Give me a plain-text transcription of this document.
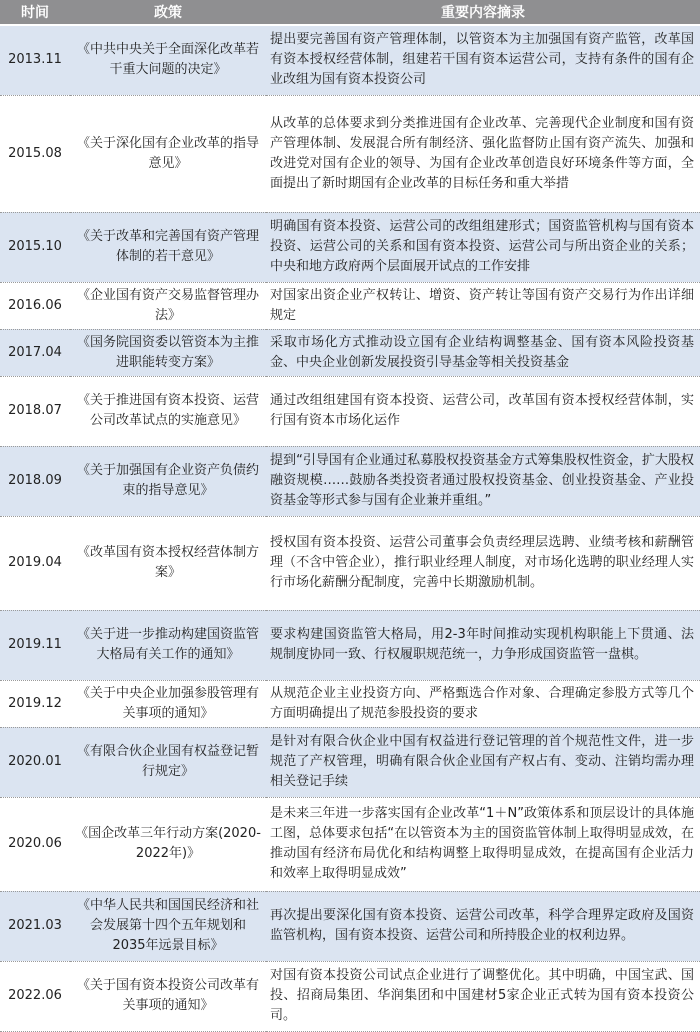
时间	政策	重要内容摘录
2013.11	《中共中央关于全面深化改革若干重大问题的决定》	提出要完善国有资产管理体制，以管资本为主加强国有资产监管，改革国有资本授权经营体制，组建若干国有资本运营公司，支持有条件的国有企业改组为国有资本投资公司
2015.08	《关于深化国有企业改革的指导意见》	从改革的总体要求到分类推进国有企业改革、完善现代企业制度和国有资产管理体制、发展混合所有制经济、强化监督防止国有资产流失、加强和改进党对国有企业的领导、为国有企业改革创造良好环境条件等方面，全面提出了新时期国有企业改革的目标任务和重大举措
2015.10	《关于改革和完善国有资产管理体制的若干意见》	明确国有资本投资、运营公司的改组组建形式；国资监管机构与国有资本投资、运营公司的关系和国有资本投资、运营公司与所出资企业的关系；中央和地方政府两个层面展开试点的工作安排
2016.06	《企业国有资产交易监督管理办法》	对国家出资企业产权转让、增资、资产转让等国有资产交易行为作出详细规定
2017.04	《国务院国资委以管资本为主推进职能转变方案》	采取市场化方式推动设立国有企业结构调整基金、国有资本风险投资基金、中央企业创新发展投资引导基金等相关投资基金
2018.07	《关于推进国有资本投资、运营公司改革试点的实施意见》	通过改组组建国有资本投资、运营公司，改革国有资本授权经营体制，实行国有资本市场化运作
2018.09	《关于加强国有企业资产负债约束的指导意见》	提到“引导国有企业通过私募股权投资基金方式筹集股权性资金，扩大股权融资规模……鼓励各类投资者通过股权投资基金、创业投资基金、产业投资基金等形式参与国有企业兼并重组。”
2019.04	《改革国有资本授权经营体制方案》	授权国有资本投资、运营公司董事会负责经理层选聘、业绩考核和薪酬管理（不含中管企业），推行职业经理人制度，对市场化选聘的职业经理人实行市场化薪酬分配制度，完善中长期激励机制。
2019.11	《关于进一步推动构建国资监管大格局有关工作的通知》	要求构建国资监管大格局，用2-3年时间推动实现机构职能上下贯通、法规制度协同一致、行权履职规范统一，力争形成国资监管一盘棋。
2019.12	《关于中央企业加强参股管理有关事项的通知》	从规范企业主业投资方向、严格甄选合作对象、合理确定参股方式等几个方面明确提出了规范参股投资的要求
2020.01	《有限合伙企业国有权益登记暂行规定》	是针对有限合伙企业中国有权益进行登记管理的首个规范性文件，进一步规范了产权管理，明确有限合伙企业国有产权占有、变动、注销均需办理相关登记手续
2020.06	《国企改革三年行动方案(2020-2022年)》	是未来三年进一步落实国有企业改革“1＋N”政策体系和顶层设计的具体施工图，总体要求包括“在以管资本为主的国资监管体制上取得明显成效，在推动国有经济布局优化和结构调整上取得明显成效，在提高国有企业活力和效率上取得明显成效”
2021.03	《中华人民共和国国民经济和社会发展第十四个五年规划和2035年远景目标》	再次提出要深化国有资本投资、运营公司改革，科学合理界定政府及国资监管机构，国有资本投资、运营公司和所持股企业的权利边界。
2022.06	《关于国有资本投资公司改革有关事项的通知》	对国有资本投资公司试点企业进行了调整优化。其中明确，中国宝武、国投、招商局集团、华润集团和中国建材5家企业正式转为国有资本投资公司。
